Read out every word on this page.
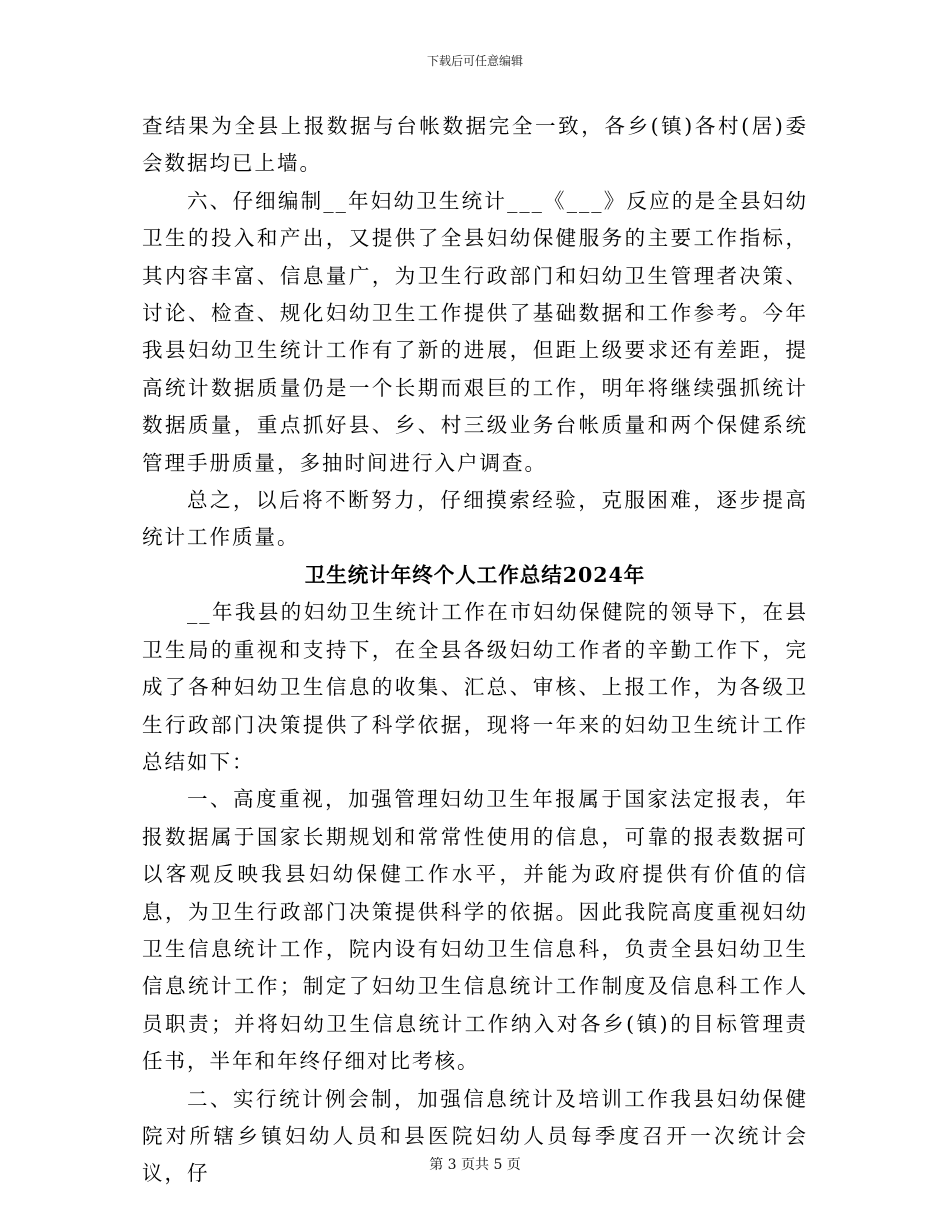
下载后可任意编辑

查结果为全县上报数据与台帐数据完全一致，各乡(镇)各村(居)委会数据均已上墙。

六、仔细编制__年妇幼卫生统计___《___》反应的是全县妇幼卫生的投入和产出，又提供了全县妇幼保健服务的主要工作指标，其内容丰富、信息量广，为卫生行政部门和妇幼卫生管理者决策、讨论、检查、规化妇幼卫生工作提供了基础数据和工作参考。今年我县妇幼卫生统计工作有了新的进展，但距上级要求还有差距，提高统计数据质量仍是一个长期而艰巨的工作，明年将继续强抓统计数据质量，重点抓好县、乡、村三级业务台帐质量和两个保健系统管理手册质量，多抽时间进行入户调查。

总之，以后将不断努力，仔细摸索经验，克服困难，逐步提高统计工作质量。

卫生统计年终个人工作总结2024年

__年我县的妇幼卫生统计工作在市妇幼保健院的领导下，在县卫生局的重视和支持下，在全县各级妇幼工作者的辛勤工作下，完成了各种妇幼卫生信息的收集、汇总、审核、上报工作，为各级卫生行政部门决策提供了科学依据，现将一年来的妇幼卫生统计工作总结如下：

一、高度重视，加强管理妇幼卫生年报属于国家法定报表，年报数据属于国家长期规划和常常性使用的信息，可靠的报表数据可以客观反映我县妇幼保健工作水平，并能为政府提供有价值的信息，为卫生行政部门决策提供科学的依据。因此我院高度重视妇幼卫生信息统计工作，院内设有妇幼卫生信息科，负责全县妇幼卫生信息统计工作；制定了妇幼卫生信息统计工作制度及信息科工作人员职责；并将妇幼卫生信息统计工作纳入对各乡(镇)的目标管理责任书，半年和年终仔细对比考核。

二、实行统计例会制，加强信息统计及培训工作我县妇幼保健院对所辖乡镇妇幼人员和县医院妇幼人员每季度召开一次统计会议，仔	第 3 页共 5 页
